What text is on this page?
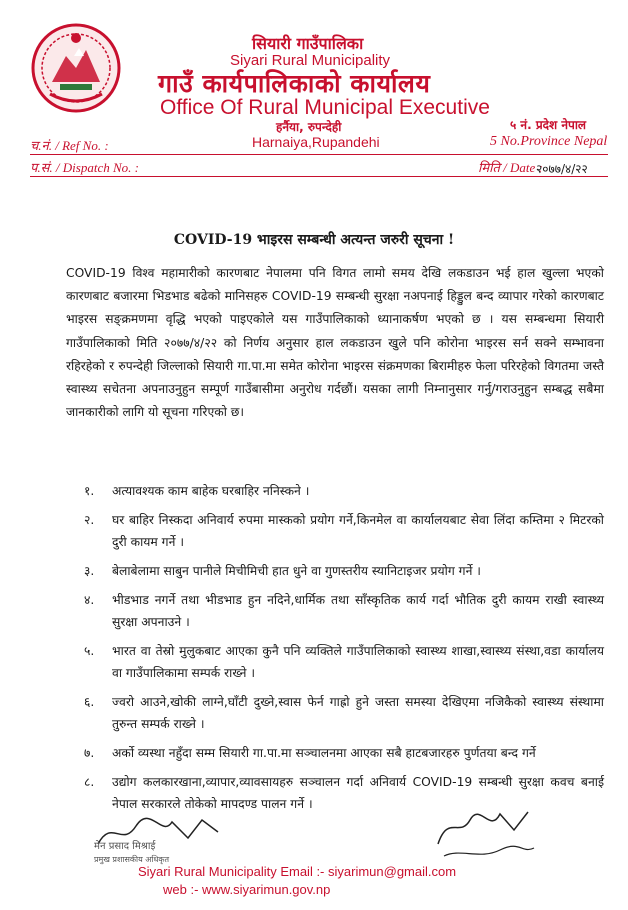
सियारी गाउँपालिका
Siyari Rural Municipality
गाउँ कार्यपालिकाको कार्यालय
Office Of Rural Municipal Executive
हर्नैया, रुपन्देही	५ नं. प्रदेश नेपाल
Harnaiya,Rupandehi	5 No.Province Nepal
च.नं. / Ref No. :
प.सं. / Dispatch No. :	मिति / Date :
२०७७/४/२२
COVID-19 भाइरस सम्बन्धी अत्यन्त जरुरी सूचना !
COVID-19 विश्व महामारीको कारणबाट नेपालमा पनि विगत लामो समय देखि लकडाउन भई हाल खुल्ला भएको कारणबाट बजारमा भिडभाड बढेको मानिसहरु COVID-19 सम्बन्धी सुरक्षा नअपनाई हिड्डुल बन्द व्यापार गरेको कारणबाट भाइरस सङ्क्रमणमा वृद्धि भएको पाइएकोले यस गाउँपालिकाको ध्यानाकर्षण भएको छ । यस सम्बन्धमा सियारी गाउँपालिकाको मिति २०७७/४/२२ को निर्णय अनुसार हाल लकडाउन खुले पनि कोरोना भाइरस सर्न सक्ने सम्भावना रहिरहेको र रुपन्देही जिल्लाको सियारी गा.पा.मा समेत कोरोना भाइरस संक्रमणका बिरामीहरु फेला परिरहेको विगतमा जस्तै स्वास्थ्य सचेतना अपनाउनुहुन सम्पूर्ण गाउँबासीमा अनुरोध गर्दछौं। यसका लागी निम्नानुसार गर्नु/गराउनुहुन सम्बद्ध सबैमा जानकारीको लागि यो सूचना गरिएको छ।
१. अत्यावश्यक काम बाहेक घरबाहिर ननिस्कने ।
२. घर बाहिर निस्कदा अनिवार्य रुपमा मास्कको प्रयोग गर्ने,किनमेल वा कार्यालयबाट सेवा लिंदा कम्तिमा २ मिटरको दुरी कायम गर्ने ।
३. बेलाबेलामा साबुन पानीले मिचीमिची हात धुने वा गुणस्तरीय स्यानिटाइजर प्रयोग गर्ने ।
४. भीडभाड नगर्ने तथा भीडभाड हुन नदिने,धार्मिक तथा साँस्कृतिक कार्य गर्दा भौतिक दुरी कायम राखी स्वास्थ्य सुरक्षा अपनाउने ।
५. भारत वा तेस्रो मुलुकबाट आएका कुनै पनि व्यक्तिले गाउँपालिकाको स्वास्थ्य शाखा,स्वास्थ्य संस्था,वडा कार्यालय वा गाउँपालिकामा सम्पर्क राख्ने ।
६. ज्वरो आउने,खोकी लाग्ने,घाँटी दुख्ने,स्वास फेर्न गाह्रो हुने जस्ता समस्या देखिएमा नजिकैको स्वास्थ्य संस्थामा तुरुन्त सम्पर्क राख्ने ।
७. अर्को व्यस्था नहुँदा सम्म सियारी गा.पा.मा सञ्चालनमा आएका सबै हाटबजारहरु पुर्णतया बन्द गर्ने
८. उद्योग कलकारखाना,व्यापार,व्यावसायहरु सञ्चालन गर्दा अनिवार्य COVID-19 सम्बन्धी सुरक्षा कवच बनाई नेपाल सरकारले तोकेको मापदण्ड पालन गर्ने ।
मेन प्रसाद मिश्राई
प्रमुख प्रशासकीय अधिकृत
Siyari Rural Municipality Email :- siyarimun@gmail.com
web :- www.siyarimun.gov.np
